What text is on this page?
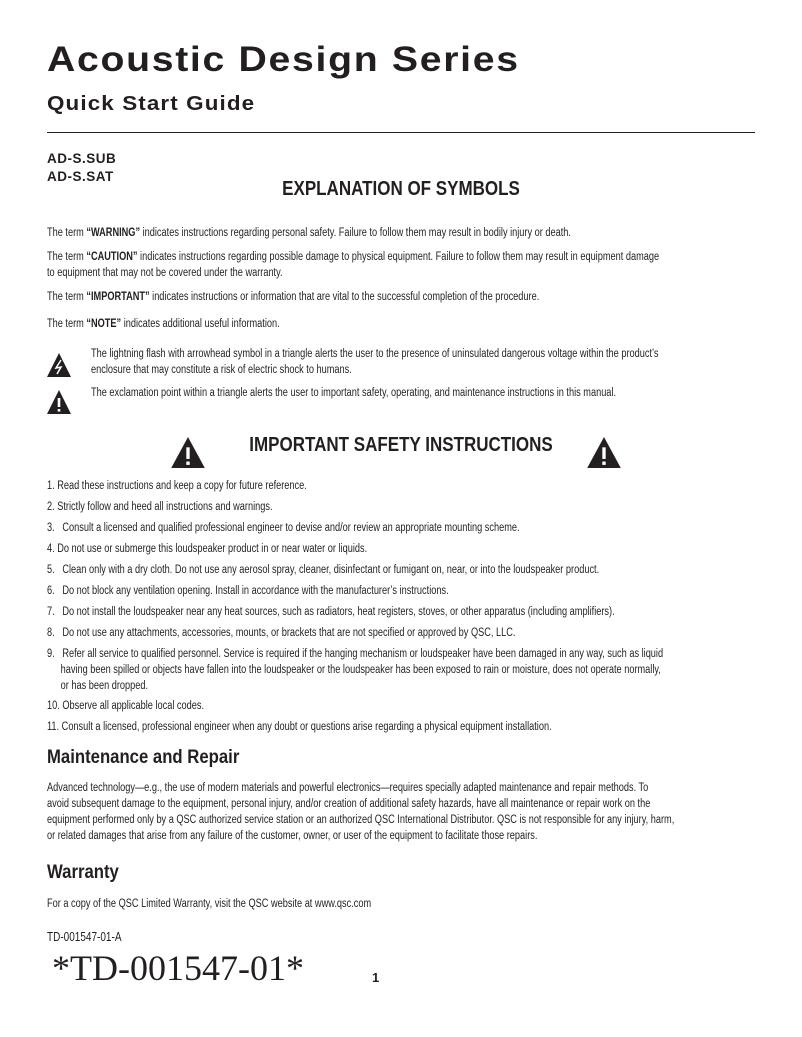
Acoustic Design Series
Quick Start Guide
AD-S.SUB
AD-S.SAT
EXPLANATION OF SYMBOLS
The term “WARNING” indicates instructions regarding personal safety. Failure to follow them may result in bodily injury or death.
The term “CAUTION” indicates instructions regarding possible damage to physical equipment. Failure to follow them may result in equipment damage
to equipment that may not be covered under the warranty.
The term “IMPORTANT” indicates instructions or information that are vital to the successful completion of the procedure.
The term “NOTE” indicates additional useful information.
The lightning flash with arrowhead symbol in a triangle alerts the user to the presence of uninsulated dangerous voltage within the product’s
enclosure that may constitute a risk of electric shock to humans.
The exclamation point within a triangle alerts the user to important safety, operating, and maintenance instructions in this manual.
IMPORTANT SAFETY INSTRUCTIONS
1. Read these instructions and keep a copy for future reference.
2. Strictly follow and heed all instructions and warnings.
3. Consult a licensed and qualified professional engineer to devise and/or review an appropriate mounting scheme.
4. Do not use or submerge this loudspeaker product in or near water or liquids.
5. Clean only with a dry cloth. Do not use any aerosol spray, cleaner, disinfectant or fumigant on, near, or into the loudspeaker product.
6. Do not block any ventilation opening. Install in accordance with the manufacturer’s instructions.
7. Do not install the loudspeaker near any heat sources, such as radiators, heat registers, stoves, or other apparatus (including amplifiers).
8. Do not use any attachments, accessories, mounts, or brackets that are not specified or approved by QSC, LLC.
9. Refer all service to qualified personnel. Service is required if the hanging mechanism or loudspeaker have been damaged in any way, such as liquid
having been spilled or objects have fallen into the loudspeaker or the loudspeaker has been exposed to rain or moisture, does not operate normally,
or has been dropped.
10. Observe all applicable local codes.
11. Consult a licensed, professional engineer when any doubt or questions arise regarding a physical equipment installation.
Maintenance and Repair
Advanced technology—e.g., the use of modern materials and powerful electronics—requires specially adapted maintenance and repair methods. To
avoid subsequent damage to the equipment, personal injury, and/or creation of additional safety hazards, have all maintenance or repair work on the
equipment performed only by a QSC authorized service station or an authorized QSC International Distributor. QSC is not responsible for any injury, harm,
or related damages that arise from any failure of the customer, owner, or user of the equipment to facilitate those repairs.
Warranty
For a copy of the QSC Limited Warranty, visit the QSC website at www.qsc.com
TD-001547-01-A
*TD-001547-01*	1
